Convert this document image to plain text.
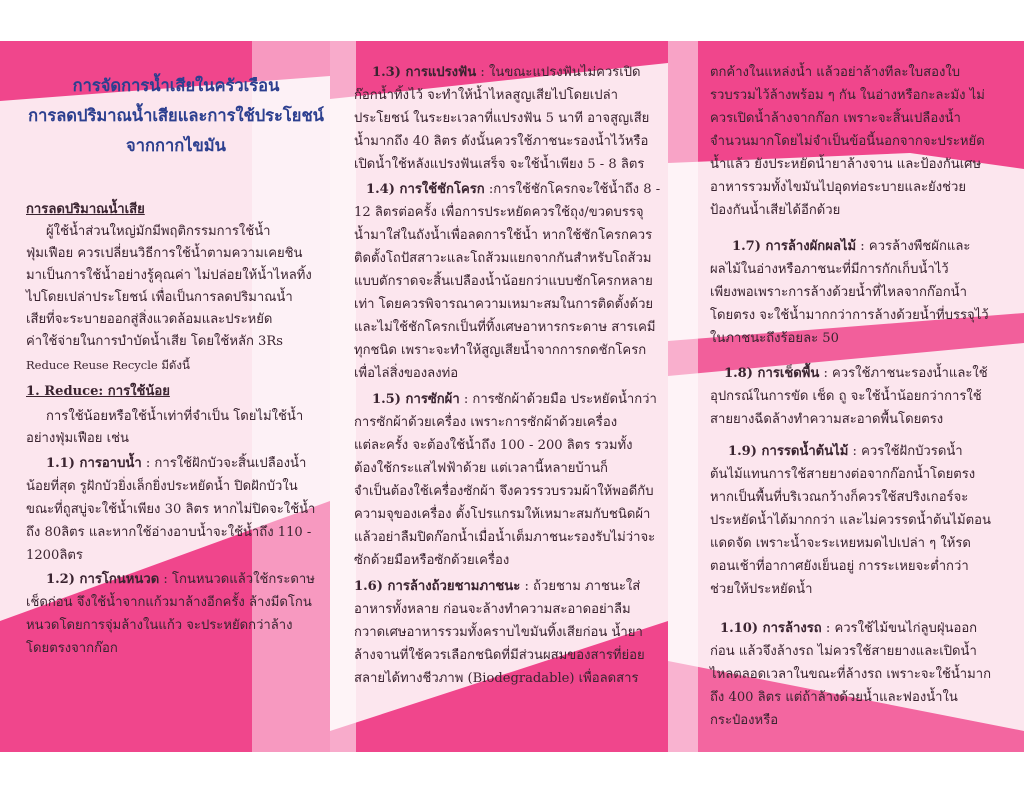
การจัดการน้ำเสียในครัวเรือน
การลดปริมาณน้ำเสียและการใช้ประโยชน์
จากกากไขมัน
การลดปริมาณน้ำเสีย
ผู้ใช้น้ำส่วนใหญ่มักมีพฤติกรรมการใช้น้ำ
ฟุ่มเฟือย ควรเปลี่ยนวิธีการใช้น้ำตามความเคยชิน
มาเป็นการใช้น้ำอย่างรู้คุณค่า ไม่ปล่อยให้น้ำไหลทิ้ง
ไปโดยเปล่าประโยชน์ เพื่อเป็นการลดปริมาณน้ำ
เสียที่จะระบายออกสู่สิ่งแวดล้อมและประหยัด
ค่าใช้จ่ายในการบำบัดน้ำเสีย โดยใช้หลัก 3Rs
Reduce Reuse Recycle มีดังนี้
1. Reduce: การใช้น้อย
การใช้น้อยหรือใช้น้ำเท่าที่จำเป็น โดยไม่ใช้น้ำ
อย่างฟุ่มเฟือย เช่น
1.1) การอาบน้ำ : การใช้ฝักบัวจะสิ้นเปลืองน้ำ
น้อยที่สุด รูฝักบัวยิ่งเล็กยิ่งประหยัดน้ำ ปิดฝักบัวใน
ขณะที่ถูสบู่จะใช้น้ำเพียง 30 ลิตร หากไม่ปิดจะใช้น้ำ
ถึง 80ลิตร และหากใช้อ่างอาบน้ำจะใช้น้ำถึง 110 -
1200ลิตร
1.2) การโกนหนวด : โกนหนวดแล้วใช้กระดาษ
เช็ดก่อน จึงใช้น้ำจากแก้วมาล้างอีกครั้ง ล้างมีดโกน
หนวดโดยการจุ่มล้างในแก้ว จะประหยัดกว่าล้าง
โดยตรงจากก๊อก
1.3) การแปรงฟัน : ในขณะแปรงฟันไม่ควรเปิด
ก๊อกน้ำทิ้งไว้ จะทำให้น้ำไหลสูญเสียไปโดยเปล่า
ประโยชน์ ในระยะเวลาที่แปรงฟัน 5 นาที อาจสูญเสีย
น้ำมากถึง 40 ลิตร ดังนั้นควรใช้ภาชนะรองน้ำไว้หรือ
เปิดน้ำใช้หลังแปรงฟันเสร็จ จะใช้น้ำเพียง 5 - 8 ลิตร
1.4) การใช้ชักโครก :การใช้ชักโครกจะใช้น้ำถึง 8 -
12 ลิตรต่อครั้ง เพื่อการประหยัดควรใช้ถุง/ขวดบรรจุ
น้ำมาใส่ในถังน้ำเพื่อลดการใช้น้ำ หากใช้ชักโครกควร
ติดตั้งโถปัสสาวะและโถส้วมแยกจากกันสำหรับโถส้วม
แบบตักราดจะสิ้นเปลืองน้ำน้อยกว่าแบบชักโครกหลาย
เท่า โดยควรพิจารณาความเหมาะสมในการติดตั้งด้วย
และไม่ใช้ชักโครกเป็นที่ทิ้งเศษอาหารกระดาษ สารเคมี
ทุกชนิด เพราะจะทำให้สูญเสียน้ำจากการกดชักโครก
เพื่อไล่สิ่งของลงท่อ
1.5) การซักผ้า : การซักผ้าด้วยมือ ประหยัดน้ำกว่า
การซักผ้าด้วยเครื่อง เพราะการซักผ้าด้วยเครื่อง
แต่ละครั้ง จะต้องใช้น้ำถึง 100 - 200 ลิตร รวมทั้ง
ต้องใช้กระแสไฟฟ้าด้วย แต่เวลานี้หลายบ้านก็
จำเป็นต้องใช้เครื่องซักผ้า จึงควรรวบรวมผ้าให้พอดีกับ
ความจุของเครื่อง ตั้งโปรแกรมให้เหมาะสมกับชนิดผ้า
แล้วอย่าลืมปิดก๊อกน้ำเมื่อน้ำเต็มภาชนะรองรับไม่ว่าจะ
ซักด้วยมือหรือซักด้วยเครื่อง
1.6) การล้างถ้วยชามภาชนะ : ถ้วยชาม ภาชนะใส่
อาหารทั้งหลาย ก่อนจะล้างทำความสะอาดอย่าลืม
กวาดเศษอาหารรวมทั้งคราบไขมันทิ้งเสียก่อน น้ำยา
ล้างจานที่ใช้ควรเลือกชนิดที่มีส่วนผสมของสารที่ย่อย
สลายได้ทางชีวภาพ (Biodegradable) เพื่อลดสาร
ตกค้างในแหล่งน้ำ แล้วอย่าล้างทีละใบสองใบ
รวบรวมไว้ล้างพร้อม ๆ กัน ในอ่างหรือกะละมัง ไม่
ควรเปิดน้ำล้างจากก๊อก เพราะจะสิ้นเปลืองน้ำ
จำนวนมากโดยไม่จำเป็นข้อนี้นอกจากจะประหยัด
น้ำแล้ว ยังประหยัดน้ำยาล้างจาน และป้องกันเศษ
อาหารรวมทั้งไขมันไปอุดท่อระบายและยังช่วย
ป้องกันน้ำเสียได้อีกด้วย
1.7) การล้างผักผลไม้ : ควรล้างพืชผักและ
ผลไม้ในอ่างหรือภาชนะที่มีการกักเก็บน้ำไว้
เพียงพอเพราะการล้างด้วยน้ำที่ไหลจากก๊อกน้ำ
โดยตรง จะใช้น้ำมากกว่าการล้างด้วยน้ำที่บรรจุไว้
ในภาชนะถึงร้อยละ 50
1.8) การเช็ดพื้น : ควรใช้ภาชนะรองน้ำและใช้
อุปกรณ์ในการขัด เช็ด ถู จะใช้น้ำน้อยกว่าการใช้
สายยางฉีดล้างทำความสะอาดพื้นโดยตรง
1.9) การรดน้ำต้นไม้ : ควรใช้ฝักบัวรดน้ำ
ต้นไม้แทนการใช้สายยางต่อจากก๊อกน้ำโดยตรง
หากเป็นพื้นที่บริเวณกว้างก็ควรใช้สปริงเกอร์จะ
ประหยัดน้ำได้มากกว่า และไม่ควรรดน้ำต้นไม้ตอน
แดดจัด เพราะน้ำจะระเหยหมดไปเปล่า ๆ ให้รด
ตอนเช้าที่อากาศยังเย็นอยู่ การระเหยจะต่ำกว่า
ช่วยให้ประหยัดน้ำ
1.10) การล้างรถ : ควรใช้ไม้ขนไก่ลูบฝุ่นออก
ก่อน แล้วจึงล้างรถ ไม่ควรใช้สายยางและเปิดน้ำ
ไหลตลอดเวลาในขณะที่ล้างรถ เพราะจะใช้น้ำมาก
ถึง 400 ลิตร แต่ถ้าล้างด้วยน้ำและฟองน้ำใน
กระป๋องหรือ
